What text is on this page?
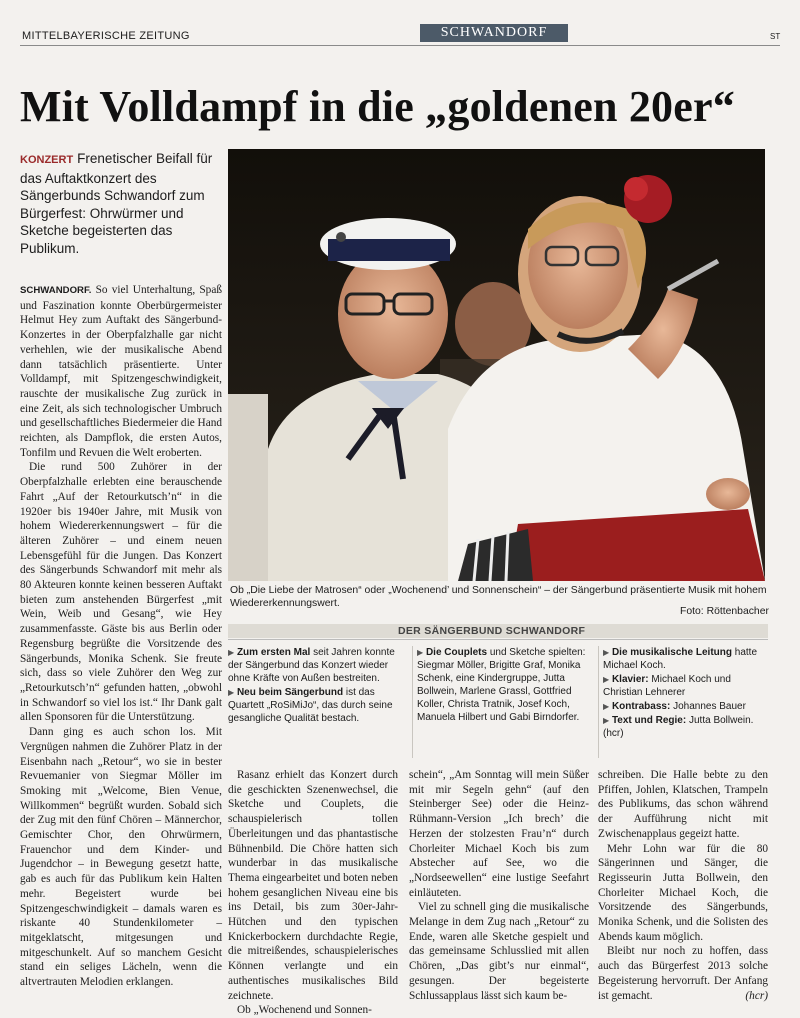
MITTELBAYERISCHE ZEITUNG	SCHWANDORF	ST
Mit Volldampf in die „goldenen 20er“
KONZERT Frenetischer Beifall für das Auftaktkonzert des Sängerbunds Schwandorf zum Bürgerfest: Ohrwürmer und Sketche begeisterten das Publikum.

SCHWANDORF. So viel Unterhaltung, Spaß und Faszination konnte Oberbürgermeister Helmut Hey zum Auftakt des Sängerbund-Konzertes in der Oberpfalzhalle gar nicht verhehlen, wie der musikalische Abend dann tatsächlich präsentierte. Unter Volldampf, mit Spitzengeschwindigkeit, rauschte der musikalische Zug zurück in eine Zeit, als sich technologischer Umbruch und gesellschaftliches Biedermeier die Hand reichten, als Dampflok, die ersten Autos, Tonfilm und Revuen die Welt eroberten.

Die rund 500 Zuhörer in der Oberpfalzhalle erlebten eine berauschende Fahrt „Auf der Retourkutsch’n“ in die 1920er bis 1940er Jahre, mit Musik von hohem Wiedererkennungswert – für die älteren Zuhörer – und einem neuen Lebensgefühl für die Jungen. Das Konzert des Sängerbunds Schwandorf mit mehr als 80 Akteuren konnte keinen besseren Auftakt bieten zum anstehenden Bürgerfest „mit Wein, Weib und Gesang“, wie Hey zusammenfasste. Gäste bis aus Berlin oder Regensburg begrüßte die Vorsitzende des Sängerbunds, Monika Schenk. Sie freute sich, dass so viele Zuhörer den Weg zur „Retourkutsch’n“ gefunden hatten, „obwohl in Schwandorf so viel los ist.“ Ihr Dank galt allen Sponsoren für die Unterstützung.

Dann ging es auch schon los. Mit Vergnügen nahmen die Zuhörer Platz in der Eisenbahn nach „Retour“, wo sie in bester Revuemanier von Siegmar Möller im Smoking mit „Welcome, Bien Venue, Willkommen“ begrüßt wurden. Sobald sich der Zug mit den fünf Chören – Männerchor, Gemischter Chor, den Ohrwürmern, Frauenchor und dem Kinder- und Jugendchor – in Bewegung gesetzt hatte, gab es auch für das Publikum kein Halten mehr. Begeistert wurde bei Spitzengeschwindigkeit – damals waren es riskante 40 Stundenkilometer – mitgeklatscht, mitgesungen und mitgeschunkelt. Auf so manchem Gesicht stand ein seliges Lächeln, wenn die altvertrauten Melodien erklangen.

Ob „Die Liebe der Matrosen“ oder „Wochenend’ und Sonnenschein“ – der Sängerbund präsentierte Musik mit hohem Wiedererkennungswert.
Foto: Röttenbacher
DER SÄNGERBUND SCHWANDORF

▶ Zum ersten Mal seit Jahren konnte der Sängerbund das Konzert wieder ohne Kräfte von Außen bestreiten.

▶ Neu beim Sängerbund ist das Quartett „RoSiMiJo“, das durch seine gesangliche Qualität bestach.

▶ Die Couplets und Sketche spielten: Siegmar Möller, Brigitte Graf, Monika Schenk, eine Kindergruppe, Jutta Bollwein, Marlene Grassl, Gottfried Koller, Christa Tratnik, Josef Koch, Manuela Hilbert und Gabi Birndorfer.

▶ Die musikalische Leitung hatte Michael Koch.

▶ Klavier: Michael Koch und Christian Lehnerer

▶ Kontrabass: Johannes Bauer

▶ Text und Regie: Jutta Bollwein. (hcr)

Rasanz erhielt das Konzert durch die geschickten Szenenwechsel, die Sketche und Couplets, die schauspielerisch tollen Überleitungen und das phantastische Bühnenbild. Die Chöre hatten sich wunderbar in das musikalische Thema eingearbeitet und boten neben hohem gesanglichen Niveau eine bis ins Detail, bis zum 30er-Jahr-Hütchen und den typischen Knickerbockern durchdachte Regie, die mitreißendes, schauspielerisches Können verlangte und ein authentisches musikalisches Bild zeichnete.

Ob „Wochenend und Sonnen-

schein“, „Am Sonntag will mein Süßer mit mir Segeln gehn“ (auf den Steinberger See) oder die Heinz-Rühmann-Version „Ich brech’ die Herzen der stolzesten Frau’n“ durch Chorleiter Michael Koch bis zum Abstecher auf See, wo die „Nordseewellen“ eine lustige Seefahrt einläuteten.

Viel zu schnell ging die musikalische Melange in dem Zug nach „Retour“ zu Ende, waren alle Sketche gespielt und das gemeinsame Schlusslied mit allen Chören, „Das gibt’s nur einmal“, gesungen. Der begeisterte Schlussapplaus lässt sich kaum be-

schreiben. Die Halle bebte zu den Pfiffen, Johlen, Klatschen, Trampeln des Publikums, das schon während der Aufführung nicht mit Zwischenapplaus gegeizt hatte.

Mehr Lohn war für die 80 Sängerinnen und Sänger, die Regisseurin Jutta Bollwein, den Chorleiter Michael Koch, die Vorsitzende des Sängerbunds, Monika Schenk, und die Solisten des Abends kaum möglich.

Bleibt nur noch zu hoffen, dass auch das Bürgerfest 2013 solche Begeisterung hervorruft. Der Anfang ist gemacht.	(hcr)
